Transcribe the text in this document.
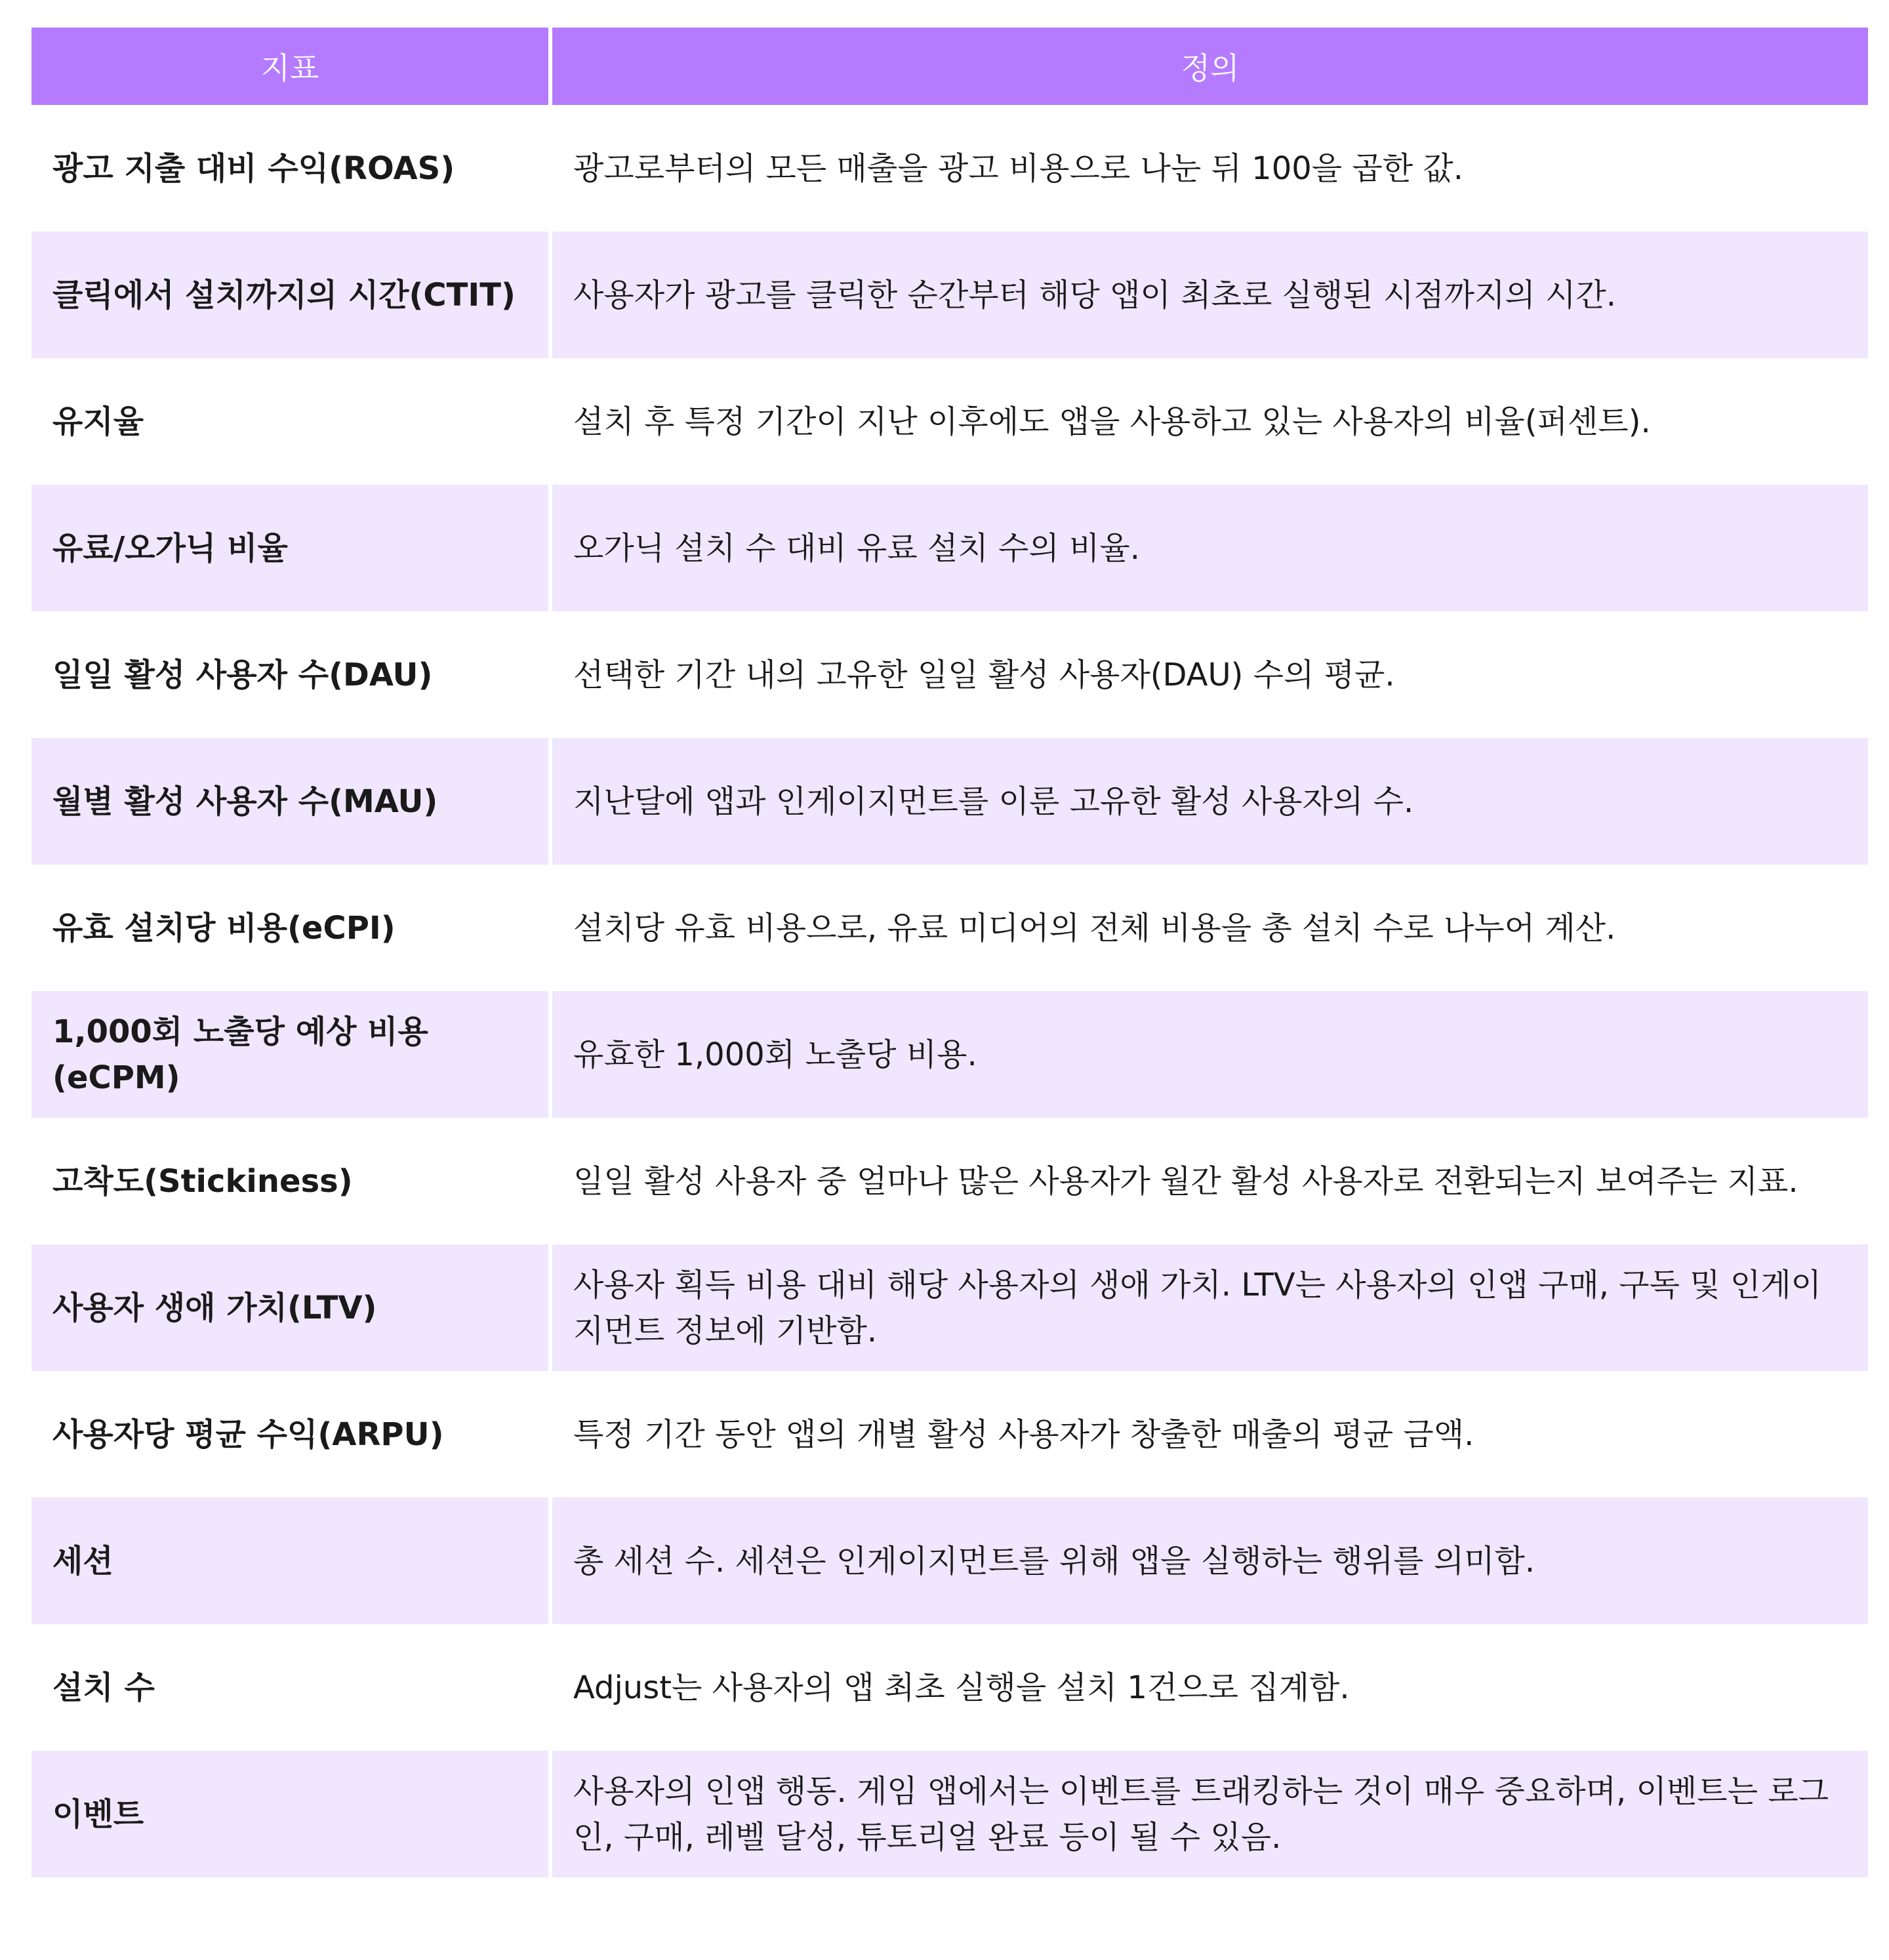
지표	정의
광고 지출 대비 수익(ROAS)	광고로부터의 모든 매출을 광고 비용으로 나눈 뒤 100을 곱한 값.
클릭에서 설치까지의 시간(CTIT)	사용자가 광고를 클릭한 순간부터 해당 앱이 최초로 실행된 시점까지의 시간.
유지율	설치 후 특정 기간이 지난 이후에도 앱을 사용하고 있는 사용자의 비율(퍼센트).
유료/오가닉 비율	오가닉 설치 수 대비 유료 설치 수의 비율.
일일 활성 사용자 수(DAU)	선택한 기간 내의 고유한 일일 활성 사용자(DAU) 수의 평균.
월별 활성 사용자 수(MAU)	지난달에 앱과 인게이지먼트를 이룬 고유한 활성 사용자의 수.
유효 설치당 비용(eCPI)	설치당 유효 비용으로, 유료 미디어의 전체 비용을 총 설치 수로 나누어 계산.
1,000회 노출당 예상 비용 (eCPM)	유효한 1,000회 노출당 비용.
고착도(Stickiness)	일일 활성 사용자 중 얼마나 많은 사용자가 월간 활성 사용자로 전환되는지 보여주는 지표.
사용자 생애 가치(LTV)	사용자 획득 비용 대비 해당 사용자의 생애 가치. LTV는 사용자의 인앱 구매, 구독 및 인게이지먼트 정보에 기반함.
사용자당 평균 수익(ARPU)	특정 기간 동안 앱의 개별 활성 사용자가 창출한 매출의 평균 금액.
세션	총 세션 수. 세션은 인게이지먼트를 위해 앱을 실행하는 행위를 의미함.
설치 수	Adjust는 사용자의 앱 최초 실행을 설치 1건으로 집계함.
이벤트	사용자의 인앱 행동. 게임 앱에서는 이벤트를 트래킹하는 것이 매우 중요하며, 이벤트는 로그인, 구매, 레벨 달성, 튜토리얼 완료 등이 될 수 있음.
